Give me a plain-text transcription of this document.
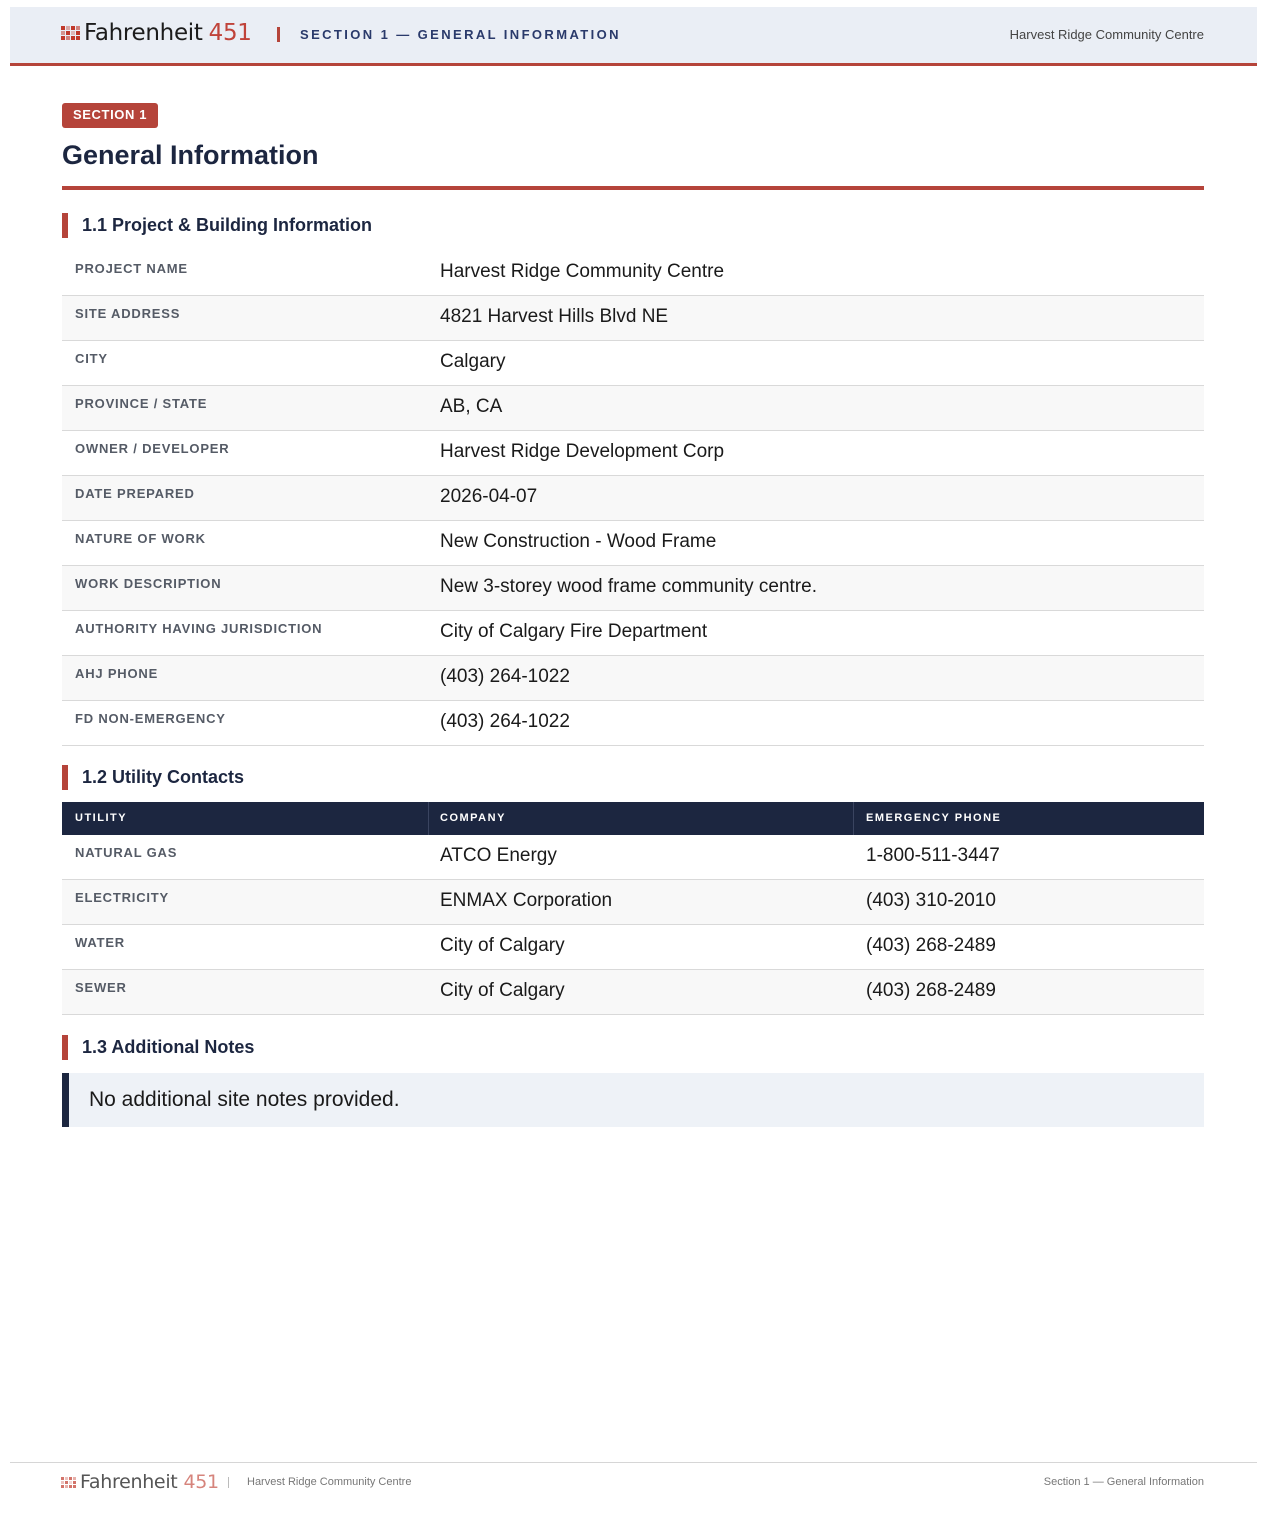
Fahrenheit 451	SECTION 1 — GENERAL INFORMATION	Harvest Ridge Community Centre
SECTION 1
General Information
1.1 Project & Building Information
PROJECT NAME	Harvest Ridge Community Centre
SITE ADDRESS	4821 Harvest Hills Blvd NE
CITY	Calgary
PROVINCE / STATE	AB, CA
OWNER / DEVELOPER	Harvest Ridge Development Corp
DATE PREPARED	2026-04-07
NATURE OF WORK	New Construction - Wood Frame
WORK DESCRIPTION	New 3-storey wood frame community centre.
AUTHORITY HAVING JURISDICTION	City of Calgary Fire Department
AHJ PHONE	(403) 264-1022
FD NON-EMERGENCY	(403) 264-1022
1.2 Utility Contacts
UTILITY	COMPANY	EMERGENCY PHONE
NATURAL GAS	ATCO Energy	1-800-511-3447
ELECTRICITY	ENMAX Corporation	(403) 310-2010
WATER	City of Calgary	(403) 268-2489
SEWER	City of Calgary	(403) 268-2489
1.3 Additional Notes
No additional site notes provided.
Fahrenheit 451	Harvest Ridge Community Centre	Section 1 — General Information
